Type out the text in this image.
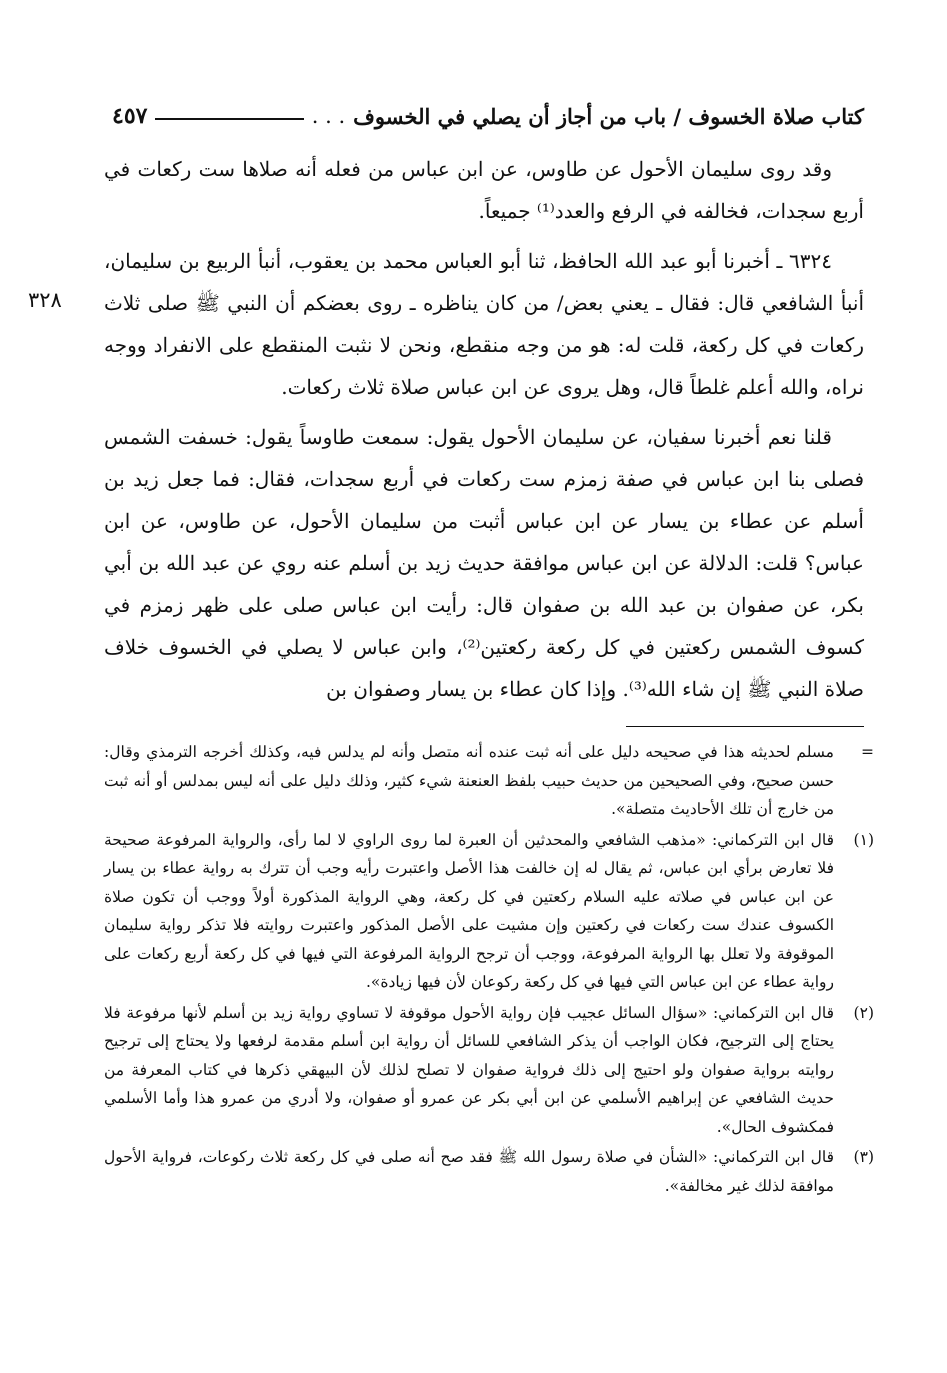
كتاب صلاة الخسوف / باب من أجاز أن يصلي في الخسوف
. . .
٤٥٧
٣٢٨

وقد روى سليمان الأحول عن طاوس، عن ابن عباس من فعله أنه صلاها ست ركعات في أربع سجدات، فخالفه في الرفع والعدد⁽¹⁾ جميعاً.

٦٣٢٤ ـ أخبرنا أبو عبد الله الحافظ، ثنا أبو العباس محمد بن يعقوب، أنبأ الربيع بن سليمان، أنبأ الشافعي قال: فقال ـ يعني بعض/ من كان يناظره ـ روى بعضكم أن النبي ﷺ صلى ثلاث ركعات في كل ركعة، قلت له: هو من وجه منقطع، ونحن لا نثبت المنقطع على الانفراد ووجه نراه، والله أعلم غلطاً قال، وهل يروى عن ابن عباس صلاة ثلاث ركعات.

قلنا نعم أخبرنا سفيان، عن سليمان الأحول يقول: سمعت طاوساً يقول: خسفت الشمس فصلى بنا ابن عباس في صفة زمزم ست ركعات في أربع سجدات، فقال: فما جعل زيد بن أسلم عن عطاء بن يسار عن ابن عباس أثبت من سليمان الأحول، عن طاوس، عن ابن عباس؟ قلت: الدلالة عن ابن عباس موافقة حديث زيد بن أسلم عنه روي عن عبد الله بن أبي بكر، عن صفوان بن عبد الله بن صفوان قال: رأيت ابن عباس صلى على ظهر زمزم في كسوف الشمس ركعتين في كل ركعة ركعتين⁽²⁾، وابن عباس لا يصلي في الخسوف خلاف صلاة النبي ﷺ إن شاء الله⁽³⁾. وإذا كان عطاء بن يسار وصفوان بن

=
مسلم لحديثه هذا في صحيحه دليل على أنه ثبت عنده أنه متصل وأنه لم يدلس فيه، وكذلك أخرجه الترمذي وقال: حسن صحيح، وفي الصحيحين من حديث حبيب بلفظ العنعنة شيء كثير، وذلك دليل على أنه ليس بمدلس أو أنه ثبت من خارج أن تلك الأحاديث متصلة».
(١)
قال ابن التركماني: «مذهب الشافعي والمحدثين أن العبرة لما روى الراوي لا لما رأى، والرواية المرفوعة صحيحة فلا تعارض برأي ابن عباس، ثم يقال له إن خالفت هذا الأصل واعتبرت رأيه وجب أن تترك به رواية عطاء بن يسار عن ابن عباس في صلاته عليه السلام ركعتين في كل ركعة، وهي الرواية المذكورة أولاً ووجب أن تكون صلاة الكسوف عندك ست ركعات في ركعتين وإن مشيت على الأصل المذكور واعتبرت روايته فلا تذكر رواية سليمان الموقوفة ولا تعلل بها الرواية المرفوعة، ووجب أن ترجح الرواية المرفوعة التي فيها في كل ركعة أربع ركعات على رواية عطاء عن ابن عباس التي فيها في كل ركعة ركوعان لأن فيها زيادة».
(٢)
قال ابن التركماني: «سؤال السائل عجيب فإن رواية الأحول موقوفة لا تساوي رواية زيد بن أسلم لأنها مرفوعة فلا يحتاج إلى الترجيح، فكان الواجب أن يذكر الشافعي للسائل أن رواية ابن أسلم مقدمة لرفعها ولا يحتاج إلى ترجيح روايته برواية صفوان ولو احتيج إلى ذلك فرواية صفوان لا تصلح لذلك لأن البيهقي ذكرها في كتاب المعرفة من حديث الشافعي عن إبراهيم الأسلمي عن ابن أبي بكر عن عمرو أو صفوان، ولا أدري من عمرو هذا وأما الأسلمي فمكشوف الحال».
(٣)
قال ابن التركماني: «الشأن في صلاة رسول الله ﷺ فقد صح أنه صلى في كل ركعة ثلاث ركوعات، فرواية الأحول موافقة لذلك غير مخالفة».
